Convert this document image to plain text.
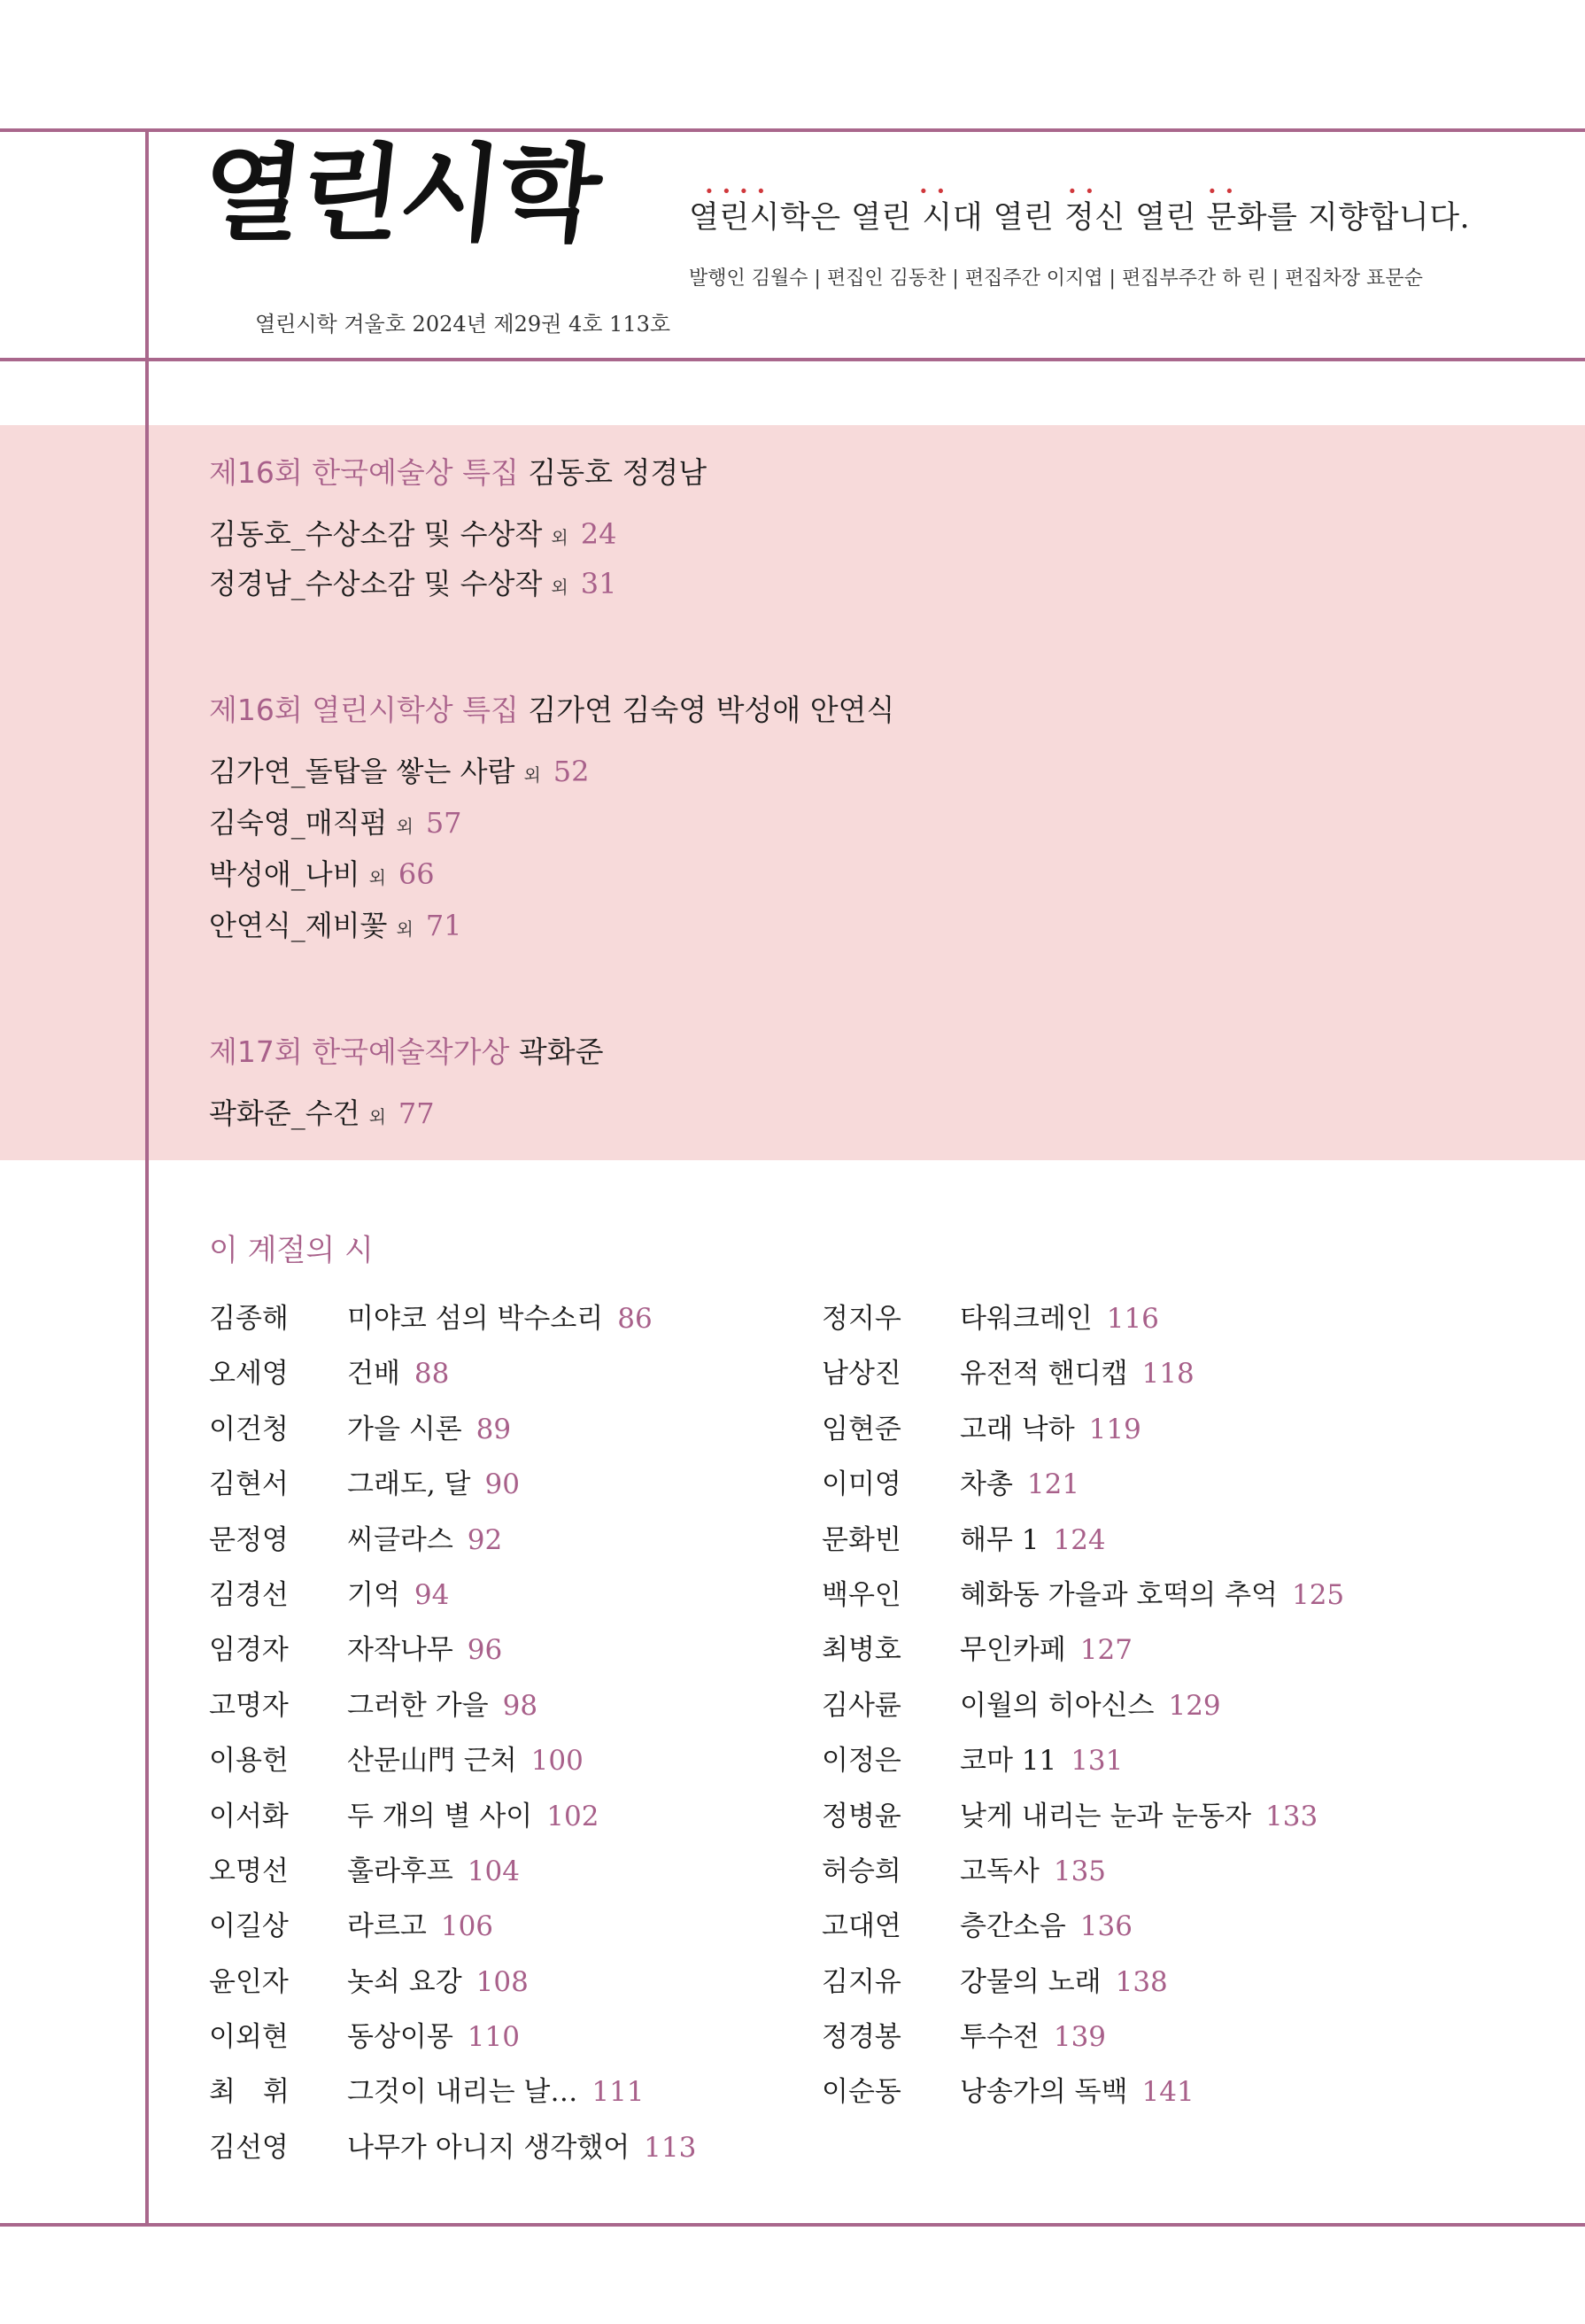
열린시학
열린시학 겨울호 2024년 제29권 4호 113호
· · · ·	· ·	· ·	· ·
열린시학은 열린 시대 열린 정신 열린 문화를 지향합니다.
발행인 김월수 | 편집인 김동찬 | 편집주간 이지엽 | 편집부주간 하 린 | 편집차장 표문순
제16회 한국예술상 특집 김동호 정경남
김동호_수상소감 및 수상작 외 24
정경남_수상소감 및 수상작 외 31
제16회 열린시학상 특집 김가연 김숙영 박성애 안연식
김가연_돌탑을 쌓는 사람 외 52
김숙영_매직펌 외 57
박성애_나비 외 66
안연식_제비꽃 외 71
제17회 한국예술작가상 곽화준
곽화준_수건 외 77
이 계절의 시
김종해 미야코 섬의 박수소리 86
오세영 건배 88
이건청 가을 시론 89
김현서 그래도, 달 90
문정영 씨글라스 92
김경선 기억 94
임경자 자작나무 96
고명자 그러한 가을 98
이용헌 산문山門 근처 100
이서화 두 개의 별 사이 102
오명선 훌라후프 104
이길상 라르고 106
윤인자 놋쇠 요강 108
이외현 동상이몽 110
최　휘 그것이 내리는 날… 111
김선영 나무가 아니지 생각했어 113
정지우 타워크레인 116
남상진 유전적 핸디캡 118
임현준 고래 낙하 119
이미영 차총 121
문화빈 해무 1 124
백우인 혜화동 가을과 호떡의 추억 125
최병호 무인카페 127
김사륜 이월의 히아신스 129
이정은 코마 11 131
정병윤 낮게 내리는 눈과 눈동자 133
허승희 고독사 135
고대연 층간소음 136
김지유 강물의 노래 138
정경봉 투수전 139
이순동 낭송가의 독백 141
